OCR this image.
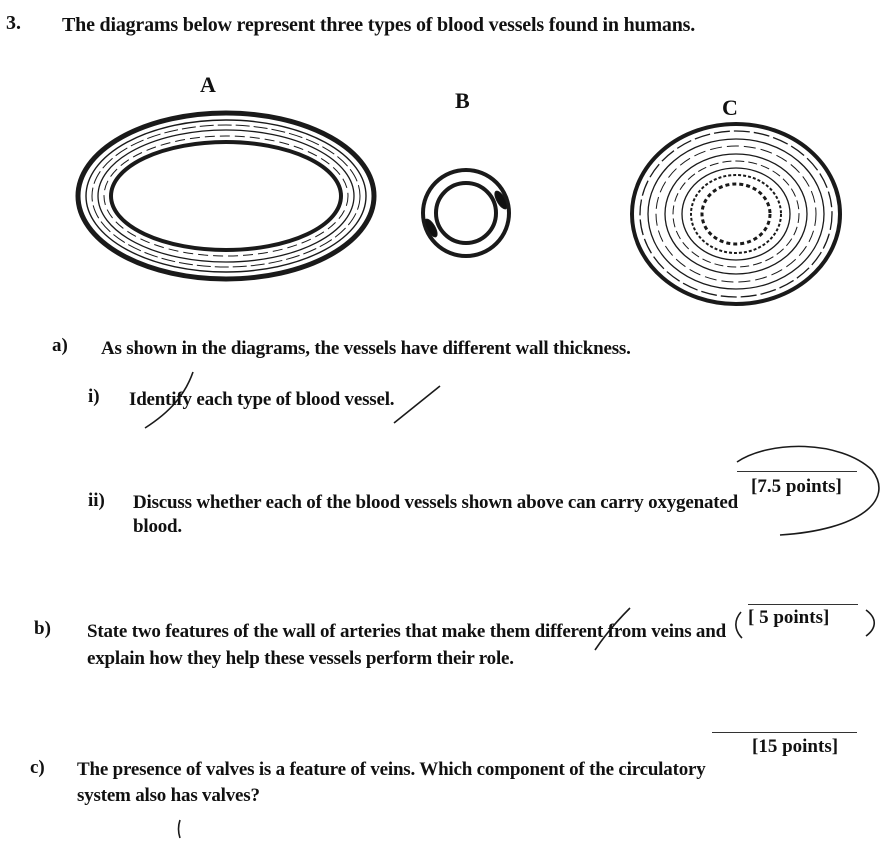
3. The diagrams below represent three types of blood vessels found in humans.
A
B	C
a) As shown in the diagrams, the vessels have different wall thickness.
i) Identify each type of blood vessel.
[7.5 points]
ii) Discuss whether each of the blood vessels shown above can carry oxygenated
blood.
[ 5 points]
b) State two features of the wall of arteries that make them different from veins and
explain how they help these vessels perform their role.
[15 points]
c) The presence of valves is a feature of veins. Which component of the circulatory
system also has valves?
